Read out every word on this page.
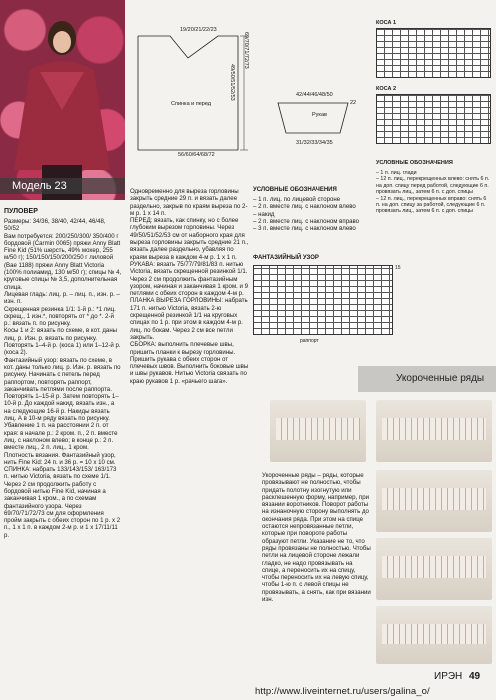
Модель 23
ПУЛОВЕР

Размеры: 34/36, 38/40, 42/44, 46/48, 50/52

Вам потребуется: 200/250/300/ 350/400 г бордовой (Carmin 0065) пряжи Anny Blatt Fine Kid (51% шерсть, 49% мохер, 255 м/50 г); 150/150/150/200/250 г лиловой (Вае 1188) пряжи Anny Blatt Victoria (100% полиамид, 130 м/50 г); спицы № 4, круговые спицы № 3,5, дополнительная спица.

Лицевая гладь: лиц. р. – лиц. п., изн. р. – изн. п.

Скрещенная резинка 1/1: 1-й р.: *1 лиц. скрещ., 1 изн.*, повторять от * до *. 2-й р.: вязать п. по рисунку.

Косы 1 и 2: вязать по схеме, в кот. даны лиц. р. Изн. р. вязать по рисунку. Повторять 1–4-й р. (коса 1) или 1–12-й р. (коса 2).

Фантазийный узор: вязать по схеме, в кот. даны только лиц. р. Изн. р. вязать по рисунку. Начинать с петель перед раппортом, повторять раппорт, заканчивать петлями после раппорта. Повторять 1–15-й р. Затем повторять 1–10-й р. До каждой накид. вязать изн., а на следующие 16-й р. Накиды вязать лиц. А в 10-м ряду вязать по рисунку.

Убавление 1 п. на расстоянии 2 п. от края: в начале р.: 2 кром. п., 2 п. вместе лиц. с наклоном влево; в конце р.: 2 п. вместе лиц., 2 п. лиц., 1 кром.

Плотность вязания. Фантазийный узор, нить Fine Kid: 24 п. и 36 р. = 10 х 10 см.

СПИНКА: набрать 133/143/153/ 163/173 п. нитью Victoria, вязать по схеме 1/1. Через 2 см продолжить работу с бордовой нитью Fine Kid, начиная а заканчивая 1 кром., а по схемам фантазийного узора. Через 69/70/71/72/73 см для оформления пройм закрыть с обеих сторон по 1 р. х 2 п., 1 х 1 п. в каждом 2-м р. и 1 х 17/11/11 р.

19/20/21/22/23
69/70/71/72/73
49/50/51/52/53
Спинка и перед
56/60/64/68/72
42/44/46/48/50
22
Рукав
31/32/33/34/35

Одновременно для выреза горловины закрыть средние 29 п. и вязать далее раздельно, закрыв по краям выреза по 2-м р. 1 х 14 п.

ПЕРЕД: вязать, как спинку, но с более глубоким вырезом горловины. Через 49/50/51/52/53 см от наборного края для выреза горловины закрыть средние 21 п., вязать далее раздельно, убавляя по краям выреза в каждом 4-м р. 1 х 1 п.

РУКАВА: вязать 75/77/79/81/83 п. нитью Victoria, вязать скрещенной резинкой 1/1. Через 2 см продолжить фантазийным узором, начиная и заканчивая 1 кром. и 9 петлями с обеих сторон в каждом 4-м р.

ПЛАНКА ВЫРЕЗА ГОРЛОВИНЫ: набрать 171 п. нитью Victoria, вязать 2-ю скрещенной резинкой 1/1 на круговых спицах по 1 р. при этом в каждом 4-м р. лиц. по бокам. Через 2 см все петли закрыть.

СБОРКА: выполнить плечевые швы, пришить планки к вырезу горловины. Пришить рукава с обеих сторон от плечевых швов. Выполнить боковые швы и швы рукавов. Нитью Victoria связать по краю рукавов 1 р. «рачьего шага».

УСЛОВНЫЕ ОБОЗНАЧЕНИЯ
– 1 п. лиц. по лицевой стороне
– 2 п. вместе лиц. с наклоном влево
– накид
– 2 п. вместе лиц. с наклоном вправо
– 3 п. вместе лиц. с наклоном влево
ФАНТАЗИЙНЫЙ УЗОР
15
раппорт
КОСА 1
КОСА 2
УСЛОВНЫЕ ОБОЗНАЧЕНИЯ
– 1 п. лиц. глади
– 12 п. лиц., перекрещенных влево: снять 6 п. на доп. спицу перед работой, следующие 6 п. провязать лиц., затем 6 п. с доп. спицы
– 12 п. лиц., перекрещенных вправо: снять 6 п. на доп. спицу за работой, следующие 6 п. провязать лиц., затем 6 п. с доп. спицы
Укороченные ряды
Укороченные ряды – ряды, которые провязывают не полностью, чтобы придать полотну изогнутую или расклешенную форму, например, при вязании воротников. Поворот работы на изнаночную сторону выполнять до окончания ряда. При этом на спице остаются непровязанные петли, которые при повороте работы образуют петли. Указание не то, что ряды провязаны не полностью. Чтобы петли на лицевой стороне лежали гладко, не надо провязывать на спице, а переносить их на спицу, чтобы переносить их на левую спицу, чтобы 1-ю п. с левой спицы не провязывать, а снять, как при вязании изн.
ИРЭН 49
http://www.liveinternet.ru/users/galina_o/
